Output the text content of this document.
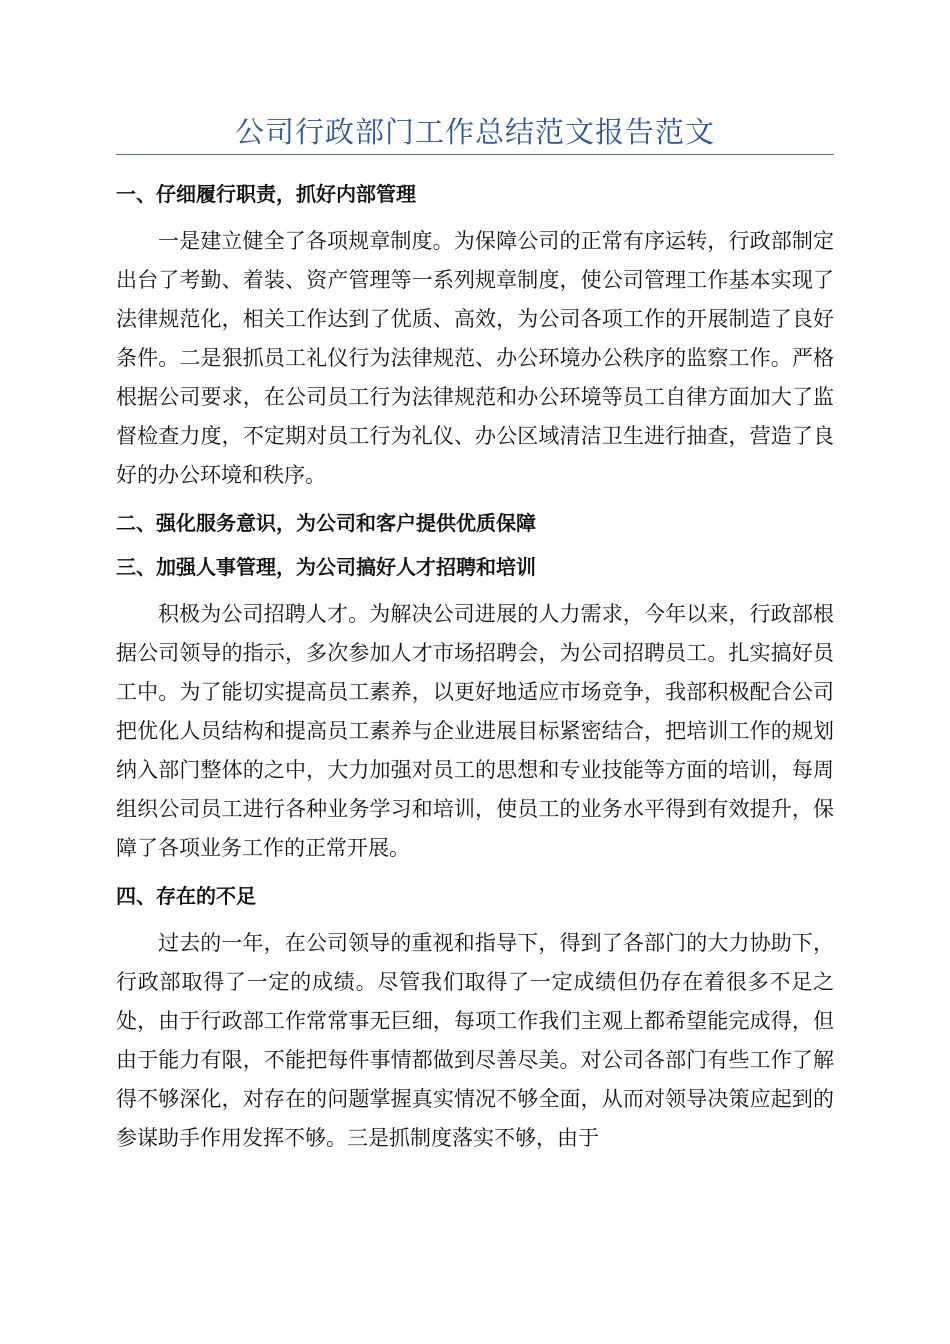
公司行政部门工作总结范文报告范文
一、仔细履行职责，抓好内部管理

一是建立健全了各项规章制度。为保障公司的正常有序运转，行政部制定出台了考勤、着装、资产管理等一系列规章制度，使公司管理工作基本实现了法律规范化，相关工作达到了优质、高效，为公司各项工作的开展制造了良好条件。二是狠抓员工礼仪行为法律规范、办公环境办公秩序的监察工作。严格根据公司要求，在公司员工行为法律规范和办公环境等员工自律方面加大了监督检查力度，不定期对员工行为礼仪、办公区域清洁卫生进行抽查，营造了良好的办公环境和秩序。

二、强化服务意识，为公司和客户提供优质保障
三、加强人事管理，为公司搞好人才招聘和培训

积极为公司招聘人才。为解决公司进展的人力需求，今年以来，行政部根据公司领导的指示，多次参加人才市场招聘会，为公司招聘员工。扎实搞好员工中。为了能切实提高员工素养，以更好地适应市场竞争，我部积极配合公司把优化人员结构和提高员工素养与企业进展目标紧密结合，把培训工作的规划纳入部门整体的之中，大力加强对员工的思想和专业技能等方面的培训，每周组织公司员工进行各种业务学习和培训，使员工的业务水平得到有效提升，保障了各项业务工作的正常开展。

四、存在的不足

过去的一年，在公司领导的重视和指导下，得到了各部门的大力协助下，行政部取得了一定的成绩。尽管我们取得了一定成绩但仍存在着很多不足之处，由于行政部工作常常事无巨细，每项工作我们主观上都希望能完成得，但由于能力有限，不能把每件事情都做到尽善尽美。对公司各部门有些工作了解得不够深化，对存在的问题掌握真实情况不够全面，从而对领导决策应起到的参谋助手作用发挥不够。三是抓制度落实不够，由于
